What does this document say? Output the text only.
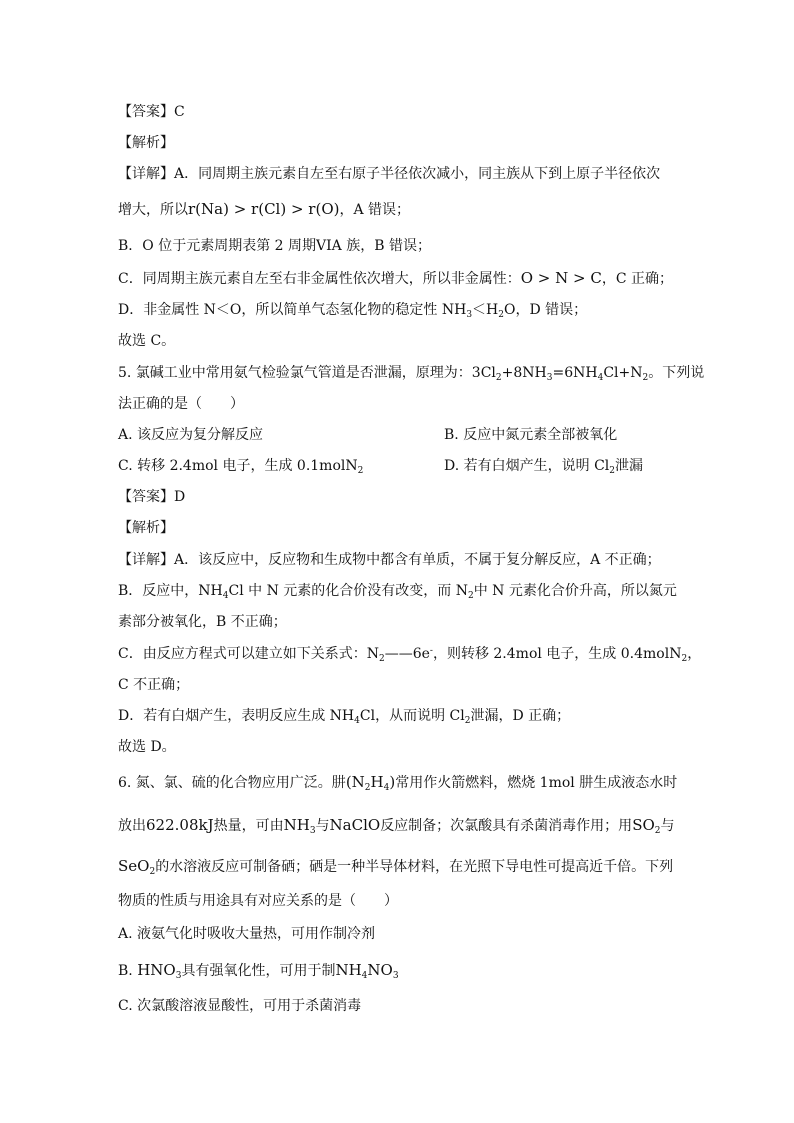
【答案】C
【解析】
【详解】A．同周期主族元素自左至右原子半径依次减小，同主族从下到上原子半径依次
增大，所以r(Na) > r(Cl) > r(O)，A 错误；
B．O 位于元素周期表第 2 周期VIA 族，B 错误；
C．同周期主族元素自左至右非金属性依次增大，所以非金属性：O > N > C，C 正确；
D．非金属性 N＜O，所以简单气态氢化物的稳定性 $NH_3<H_2O$，D 错误；
故选 C。
5. 氯碱工业中常用氨气检验氯气管道是否泄漏，原理为：$3Cl_2+8NH_3=6NH_4Cl+N_2$。下列说
法正确的是（　　）
A. 该反应为复分解反应	B. 反应中氮元素全部被氧化
C. 转移 2.4mol 电子，生成 0.1molN$_2$	D. 若有白烟产生，说明 $Cl_2$泄漏
【答案】D
【解析】
【详解】A．该反应中，反应物和生成物中都含有单质，不属于复分解反应，A 不正确；
B．反应中，$NH_4Cl$ 中 N 元素的化合价没有改变，而 $N_2$中 N 元素化合价升高，所以氮元
素部分被氧化，B 不正确；
C．由反应方程式可以建立如下关系式：$N_2——6e^-$，则转移 2.4mol 电子，生成 0.4molN$_2$，
C 不正确；
D．若有白烟产生，表明反应生成 $NH_4Cl$，从而说明 $Cl_2$泄漏，D 正确；
故选 D。
6. 氮、氯、硫的化合物应用广泛。肼$(N_2H_4)$常用作火箭燃料，燃烧 1mol 肼生成液态水时
放出622.08kJ热量，可由$NH_3$与NaClO反应制备；次氯酸具有杀菌消毒作用；用$SO_2$与
SeO$_2$的水溶液反应可制备硒；硒是一种半导体材料，在光照下导电性可提高近千倍。下列
物质的性质与用途具有对应关系的是（　　）
A. 液氨气化时吸收大量热，可用作制冷剂
B. $HNO_3$具有强氧化性，可用于制$NH_4NO_3$
C. 次氯酸溶液显酸性，可用于杀菌消毒
